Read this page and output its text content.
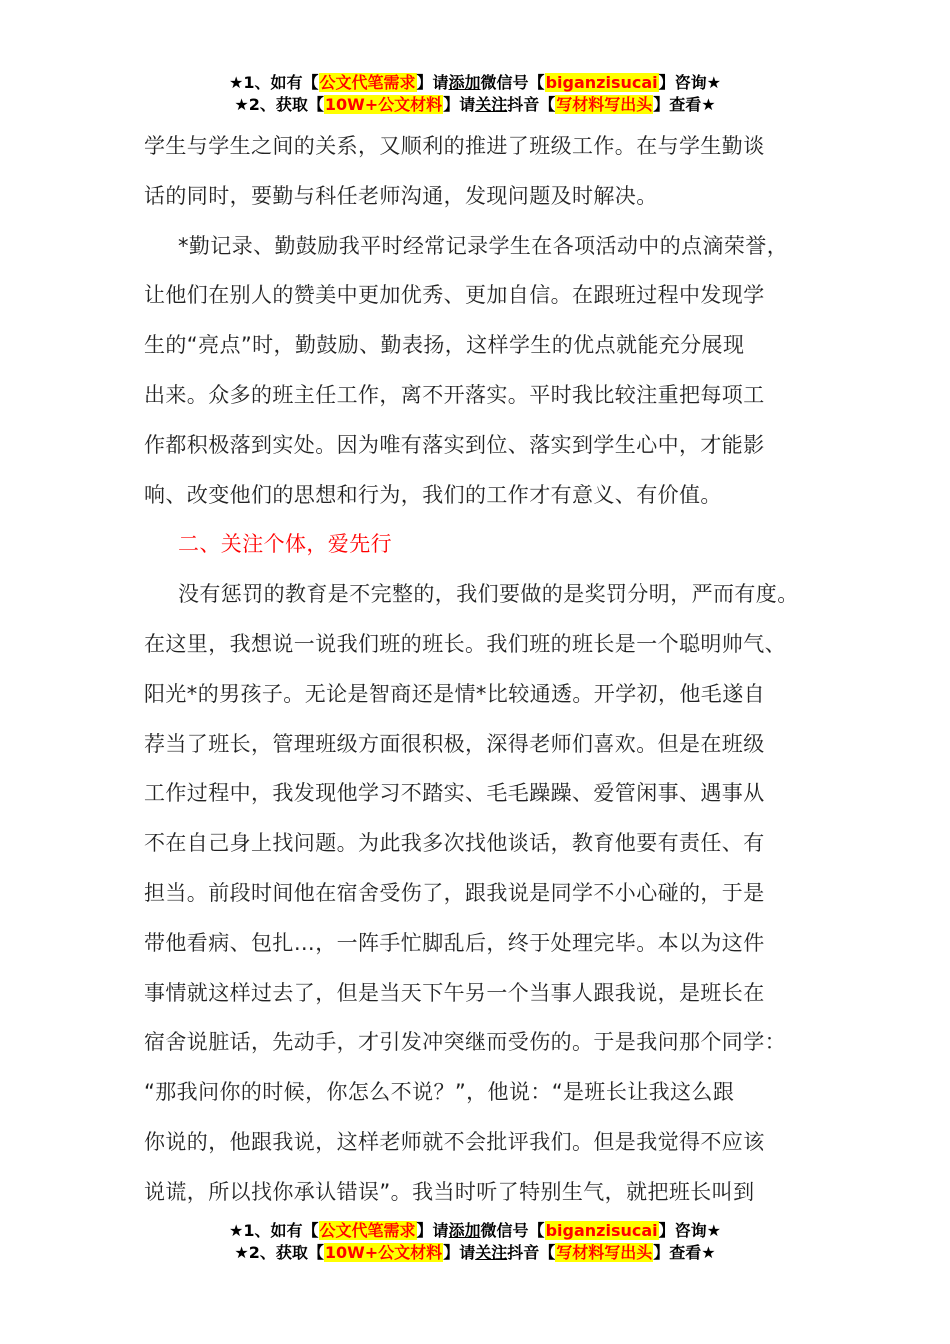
★1、如有【公文代笔需求】请添加微信号【biganzisucai】咨询★
★2、获取【10W+公文材料】请关注抖音【写材料写出头】查看★

学生与学生之间的关系，又顺利的推进了班级工作。在与学生勤谈

话的同时，要勤与科任老师沟通，发现问题及时解决。

*勤记录、勤鼓励我平时经常记录学生在各项活动中的点滴荣誉，

让他们在别人的赞美中更加优秀、更加自信。在跟班过程中发现学

生的“亮点”时，勤鼓励、勤表扬，这样学生的优点就能充分展现

出来。众多的班主任工作，离不开落实。平时我比较注重把每项工

作都积极落到实处。因为唯有落实到位、落实到学生心中，才能影

响、改变他们的思想和行为，我们的工作才有意义、有价值。

二、关注个体，爱先行

没有惩罚的教育是不完整的，我们要做的是奖罚分明，严而有度。

在这里，我想说一说我们班的班长。我们班的班长是一个聪明帅气、

阳光*的男孩子。无论是智商还是情*比较通透。开学初，他毛遂自

荐当了班长，管理班级方面很积极，深得老师们喜欢。但是在班级

工作过程中，我发现他学习不踏实、毛毛躁躁、爱管闲事、遇事从

不在自己身上找问题。为此我多次找他谈话，教育他要有责任、有

担当。前段时间他在宿舍受伤了，跟我说是同学不小心碰的，于是

带他看病、包扎…，一阵手忙脚乱后，终于处理完毕。本以为这件

事情就这样过去了，但是当天下午另一个当事人跟我说，是班长在

宿舍说脏话，先动手，才引发冲突继而受伤的。于是我问那个同学：

“那我问你的时候，你怎么不说？”，他说：“是班长让我这么跟

你说的，他跟我说，这样老师就不会批评我们。但是我觉得不应该

说谎，所以找你承认错误”。我当时听了特别生气，就把班长叫到

★1、如有【公文代笔需求】请添加微信号【biganzisucai】咨询★
★2、获取【10W+公文材料】请关注抖音【写材料写出头】查看★
